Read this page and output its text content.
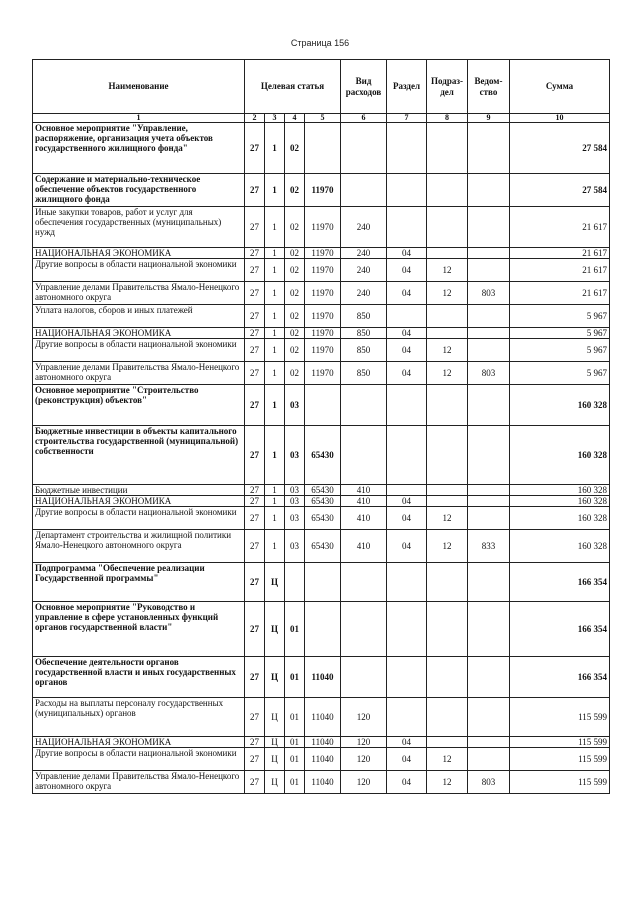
Страница 156
Наименование	Целевая статья				Вид расходов	Раздел	Подраз-дел	Ведом-ство	Сумма
1	2	3	4	5	6	7	8	9	10
Основное мероприятие "Управление, распоряжение, организация учета объектов государственного жилищного фонда"	27	1	02						27 584
Содержание и материально-техническое обеспечение объектов государственного жилищного фонда	27	1	02	11970					27 584
Иные закупки товаров, работ и услуг для обеспечения государственных (муниципальных) нужд	27	1	02	11970	240				21 617
НАЦИОНАЛЬНАЯ ЭКОНОМИКА	27	1	02	11970	240	04			21 617
Другие вопросы в области национальной экономики	27	1	02	11970	240	04	12		21 617
Управление делами Правительства Ямало-Ненецкого автономного округа	27	1	02	11970	240	04	12	803	21 617
Уплата налогов, сборов и иных платежей	27	1	02	11970	850				5 967
НАЦИОНАЛЬНАЯ ЭКОНОМИКА	27	1	02	11970	850	04			5 967
Другие вопросы в области национальной экономики	27	1	02	11970	850	04	12		5 967
Управление делами Правительства Ямало-Ненецкого автономного округа	27	1	02	11970	850	04	12	803	5 967
Основное мероприятие "Строительство (реконструкция) объектов"	27	1	03						160 328
Бюджетные инвестиции в объекты капитального строительства государственной (муниципальной) собственности	27	1	03	65430					160 328
Бюджетные инвестиции	27	1	03	65430	410				160 328
НАЦИОНАЛЬНАЯ ЭКОНОМИКА	27	1	03	65430	410	04			160 328
Другие вопросы в области национальной экономики	27	1	03	65430	410	04	12		160 328
Департамент строительства и жилищной политики Ямало-Ненецкого автономного округа	27	1	03	65430	410	04	12	833	160 328
Подпрограмма "Обеспечение реализации Государственной программы"	27	Ц							166 354
Основное мероприятие "Руководство и управление в сфере установленных функций органов государственной власти"	27	Ц	01						166 354
Обеспечение деятельности органов государственной власти и иных государственных органов	27	Ц	01	11040					166 354
Расходы на выплаты персоналу государственных (муниципальных) органов	27	Ц	01	11040	120				115 599
НАЦИОНАЛЬНАЯ ЭКОНОМИКА	27	Ц	01	11040	120	04			115 599
Другие вопросы в области национальной экономики	27	Ц	01	11040	120	04	12		115 599
Управление делами Правительства Ямало-Ненецкого автономного округа	27	Ц	01	11040	120	04	12	803	115 599
